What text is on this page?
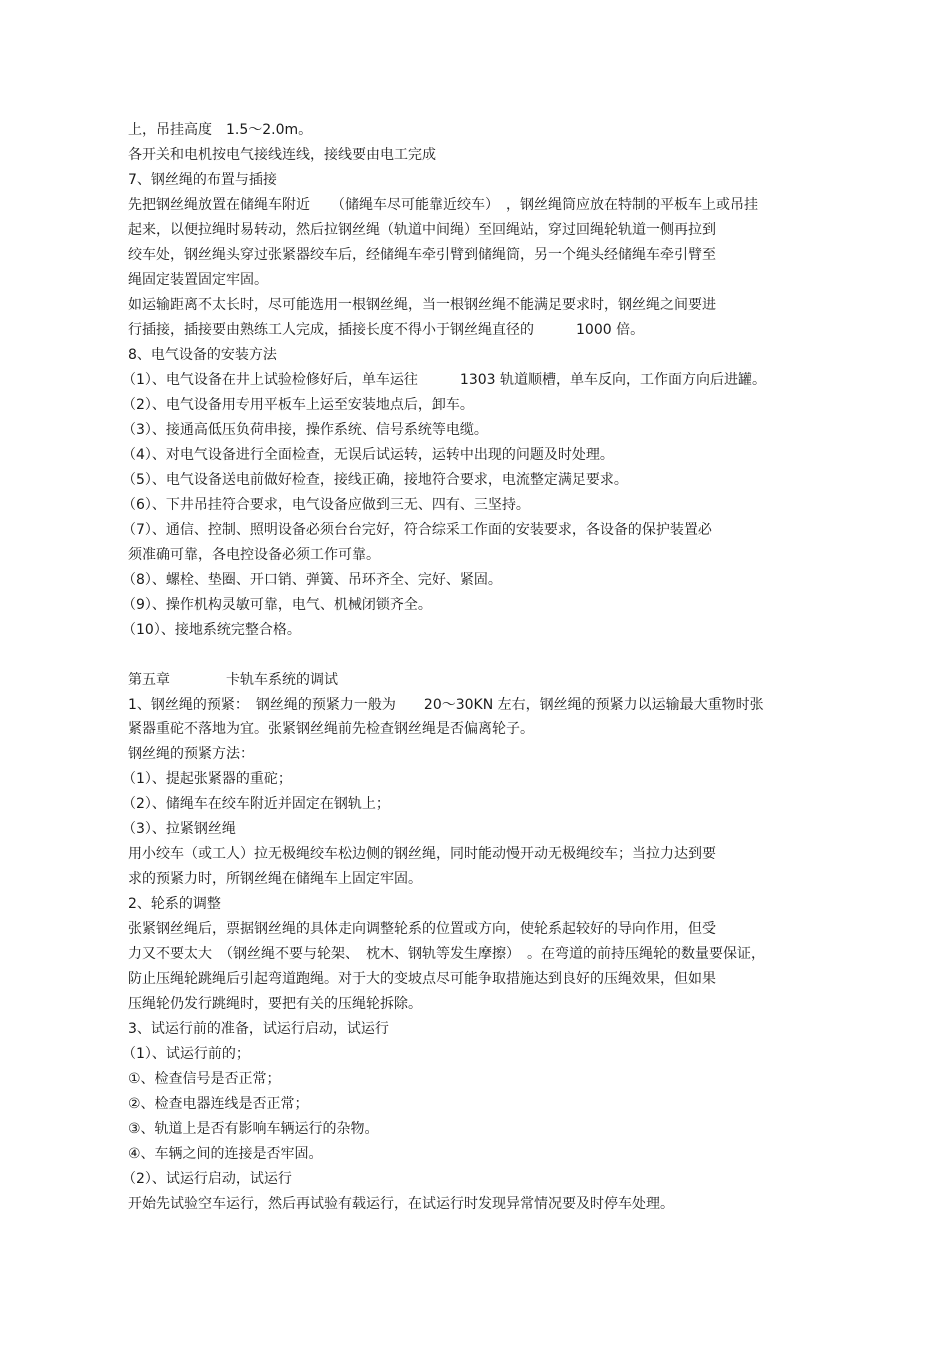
上，吊挂高度　1.5～2.0m。
各开关和电机按电气接线连线，接线要由电工完成
7、钢丝绳的布置与插接
先把钢丝绳放置在储绳车附近　　（储绳车尽可能靠近绞车）　，钢丝绳筒应放在特制的平板车上或吊挂
起来，以便拉绳时易转动，然后拉钢丝绳（轨道中间绳）至回绳站，穿过回绳轮轨道一侧再拉到
绞车处，钢丝绳头穿过张紧器绞车后，经储绳车牵引臂到储绳筒，另一个绳头经储绳车牵引臂至
绳固定装置固定牢固。
如运输距离不太长时，尽可能选用一根钢丝绳，当一根钢丝绳不能满足要求时，钢丝绳之间要进
行插接，插接要由熟练工人完成，插接长度不得小于钢丝绳直径的　　　1000 倍。
8、电气设备的安装方法
（1）、电气设备在井上试验检修好后，单车运往　　　1303 轨道顺槽，单车反向，工作面方向后进罐。
（2）、电气设备用专用平板车上运至安装地点后，卸车。
（3）、接通高低压负荷串接，操作系统、信号系统等电缆。
（4）、对电气设备进行全面检查，无误后试运转，运转中出现的问题及时处理。
（5）、电气设备送电前做好检查，接线正确，接地符合要求，电流整定满足要求。
（6）、下井吊挂符合要求，电气设备应做到三无、四有、三坚持。
（7）、通信、控制、照明设备必须台台完好，符合综采工作面的安装要求，各设备的保护装置必
须准确可靠，各电控设备必须工作可靠。
（8）、螺栓、垫圈、开口销、弹簧、吊环齐全、完好、紧固。
（9）、操作机构灵敏可靠，电气、机械闭锁齐全。
（10）、接地系统完整合格。
第五章　　　　卡轨车系统的调试
1、钢丝绳的预紧：　钢丝绳的预紧力一般为　　20～30KN 左右，钢丝绳的预紧力以运输最大重物时张
紧器重砣不落地为宜。张紧钢丝绳前先检查钢丝绳是否偏离轮子。
钢丝绳的预紧方法：
（1）、提起张紧器的重砣；
（2）、储绳车在绞车附近并固定在钢轨上；
（3）、拉紧钢丝绳
用小绞车（或工人）拉无极绳绞车松边侧的钢丝绳，同时能动慢开动无极绳绞车；当拉力达到要
求的预紧力时，所钢丝绳在储绳车上固定牢固。
2、轮系的调整
张紧钢丝绳后，票据钢丝绳的具体走向调整轮系的位置或方向，使轮系起较好的导向作用，但受
力又不要太大　（钢丝绳不要与轮架、　枕木、钢轨等发生摩擦）　。在弯道的前持压绳轮的数量要保证，
防止压绳轮跳绳后引起弯道跑绳。对于大的变坡点尽可能争取措施达到良好的压绳效果，但如果
压绳轮仍发行跳绳时，要把有关的压绳轮拆除。
3、试运行前的准备，试运行启动，试运行
（1）、试运行前的；
①、检查信号是否正常；
②、检查电器连线是否正常；
③、轨道上是否有影响车辆运行的杂物。
④、车辆之间的连接是否牢固。
（2）、试运行启动，试运行
开始先试验空车运行，然后再试验有载运行，在试运行时发现异常情况要及时停车处理。
